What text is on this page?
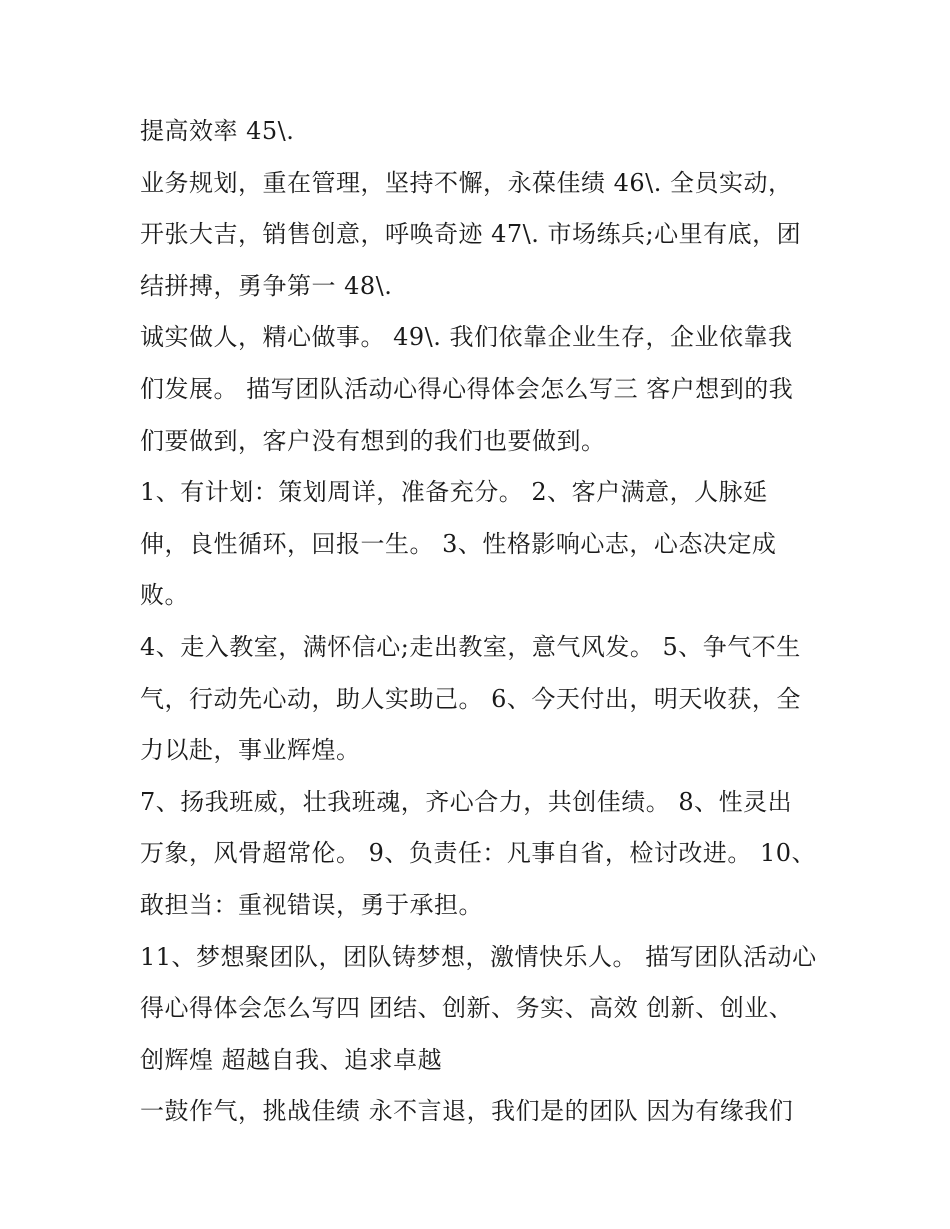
提高效率 45\.
业务规划，重在管理，坚持不懈，永葆佳绩 46\. 全员实动，
开张大吉，销售创意，呼唤奇迹 47\. 市场练兵;心里有底，团
结拼搏，勇争第一 48\.
诚实做人，精心做事。 49\. 我们依靠企业生存，企业依靠我
们发展。 描写团队活动心得心得体会怎么写三 客户想到的我
们要做到，客户没有想到的我们也要做到。
1、有计划：策划周详，准备充分。 2、客户满意，人脉延
伸，良性循环，回报一生。 3、性格影响心志，心态决定成
败。
4、走入教室，满怀信心;走出教室，意气风发。 5、争气不生
气，行动先心动，助人实助己。 6、今天付出，明天收获，全
力以赴，事业辉煌。
7、扬我班威，壮我班魂，齐心合力，共创佳绩。 8、性灵出
万象，风骨超常伦。 9、负责任：凡事自省，检讨改进。 10、
敢担当：重视错误，勇于承担。
11、梦想聚团队，团队铸梦想，激情快乐人。 描写团队活动心
得心得体会怎么写四 团结、创新、务实、高效 创新、创业、
创辉煌 超越自我、追求卓越
一鼓作气，挑战佳绩 永不言退，我们是的团队 因为有缘我们
